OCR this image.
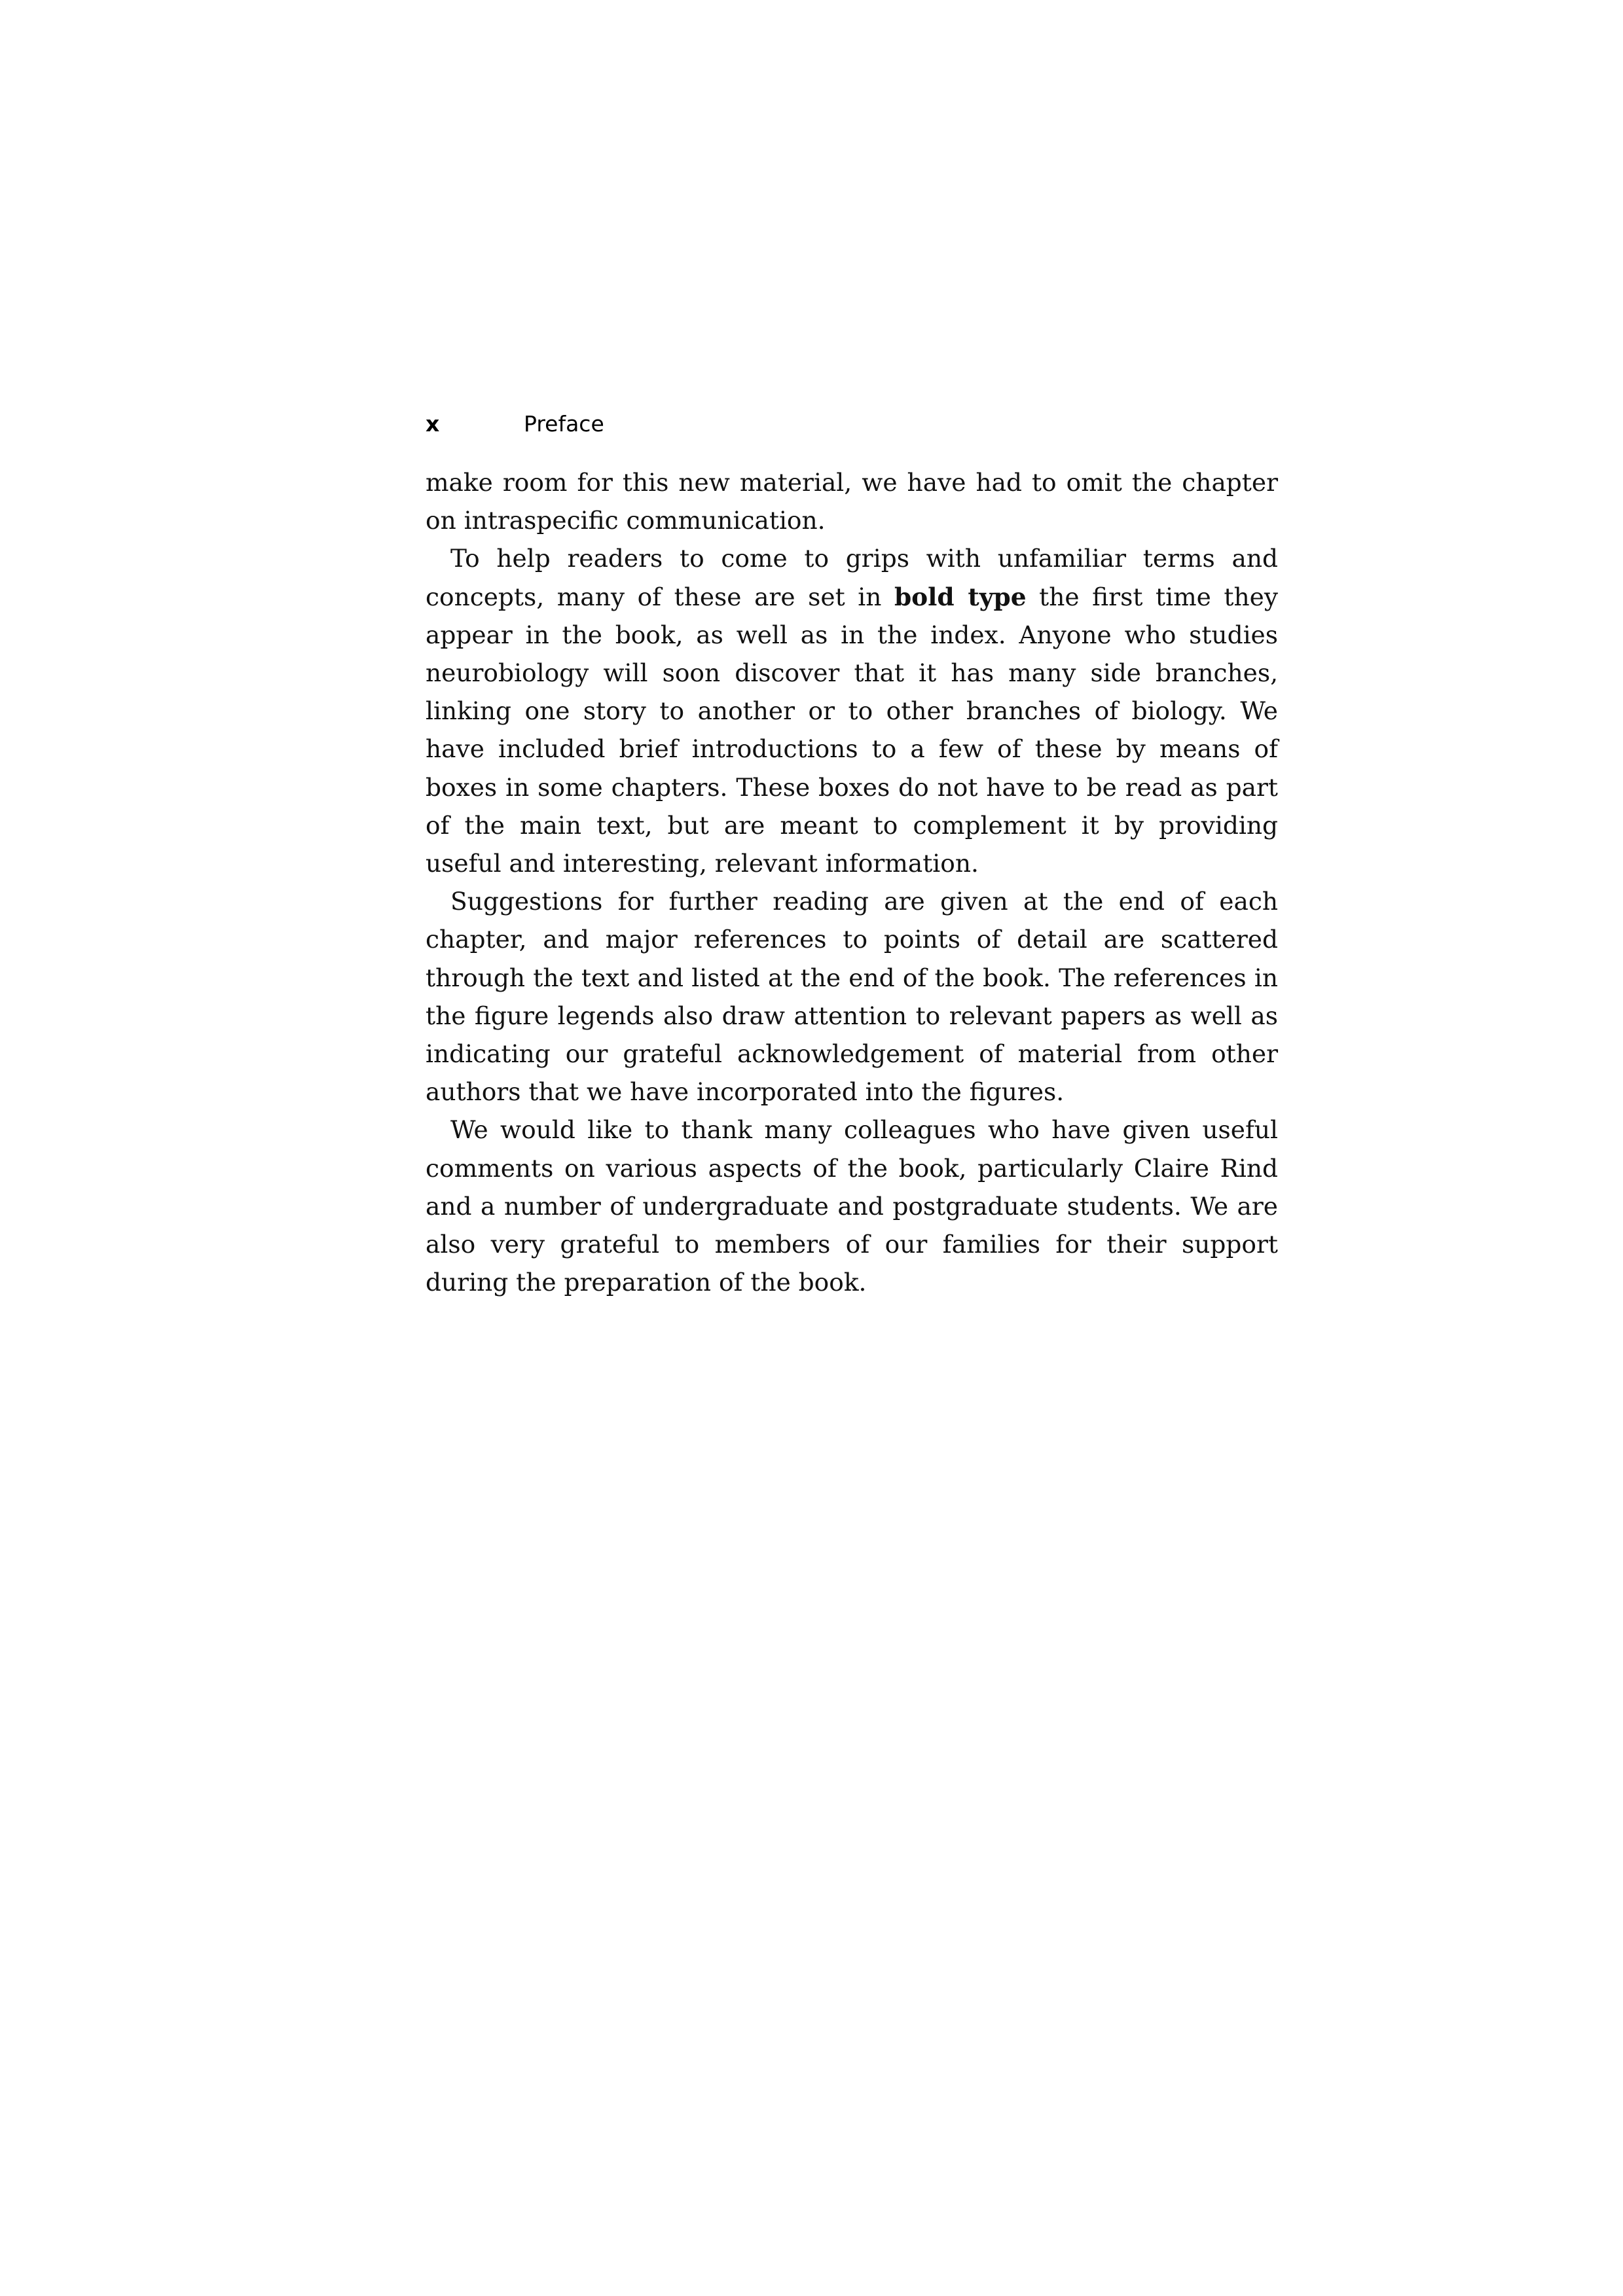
x	Preface

make room for this new material, we have had to omit the chapter on intraspecific communication.

To help readers to come to grips with unfamiliar terms and concepts, many of these are set in bold type the first time they appear in the book, as well as in the index. Anyone who studies neurobiology will soon discover that it has many side branches, linking one story to another or to other branches of biology. We have included brief introductions to a few of these by means of boxes in some chapters. These boxes do not have to be read as part of the main text, but are meant to complement it by providing useful and interesting, relevant information.

Suggestions for further reading are given at the end of each chapter, and major references to points of detail are scattered through the text and listed at the end of the book. The references in the figure legends also draw attention to relevant papers as well as indicating our grateful acknowledgement of material from other authors that we have incorporated into the figures.

We would like to thank many colleagues who have given useful comments on various aspects of the book, particularly Claire Rind and a number of undergraduate and postgraduate students. We are also very grateful to members of our families for their support during the preparation of the book.
